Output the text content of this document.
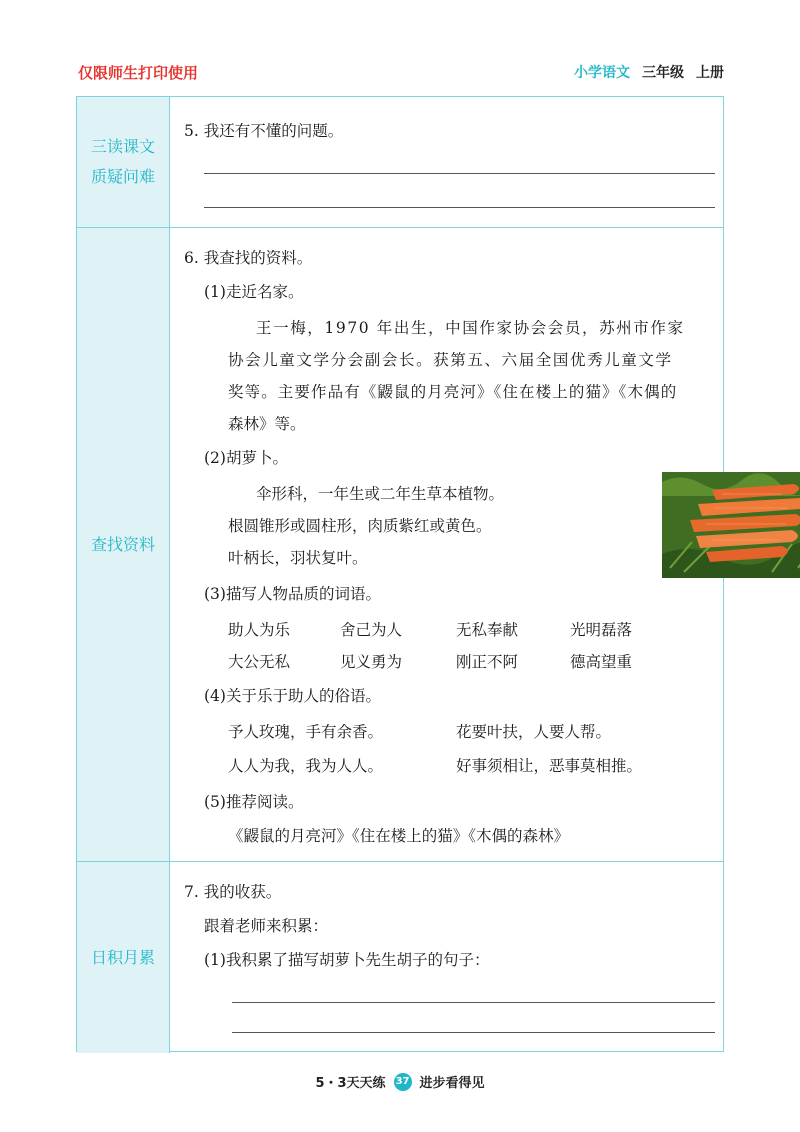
仅限师生打印使用	小学语文 三年级 上册
三读课文
质疑问难
5. 我还有不懂的问题。
查找资料
6. 我查找的资料。
(1)走近名家。
王一梅，1970 年出生，中国作家协会会员，苏州市作家
协会儿童文学分会副会长。获第五、六届全国优秀儿童文学
奖等。主要作品有《鼹鼠的月亮河》《住在楼上的猫》《木偶的
森林》等。
(2)胡萝卜。
伞形科，一年生或二年生草本植物。
根圆锥形或圆柱形，肉质紫红或黄色。
叶柄长，羽状复叶。
(3)描写人物品质的词语。
助人为乐	舍己为人	无私奉献	光明磊落
大公无私	见义勇为	刚正不阿	德高望重
(4)关于乐于助人的俗语。
予人玫瑰，手有余香。	花要叶扶，人要人帮。
人人为我，我为人人。	好事须相让，恶事莫相推。
(5)推荐阅读。
《鼹鼠的月亮河》《住在楼上的猫》《木偶的森林》
日积月累
7. 我的收获。
跟着老师来积累：
(1)我积累了描写胡萝卜先生胡子的句子：
5・3天天练 37 进步看得见
